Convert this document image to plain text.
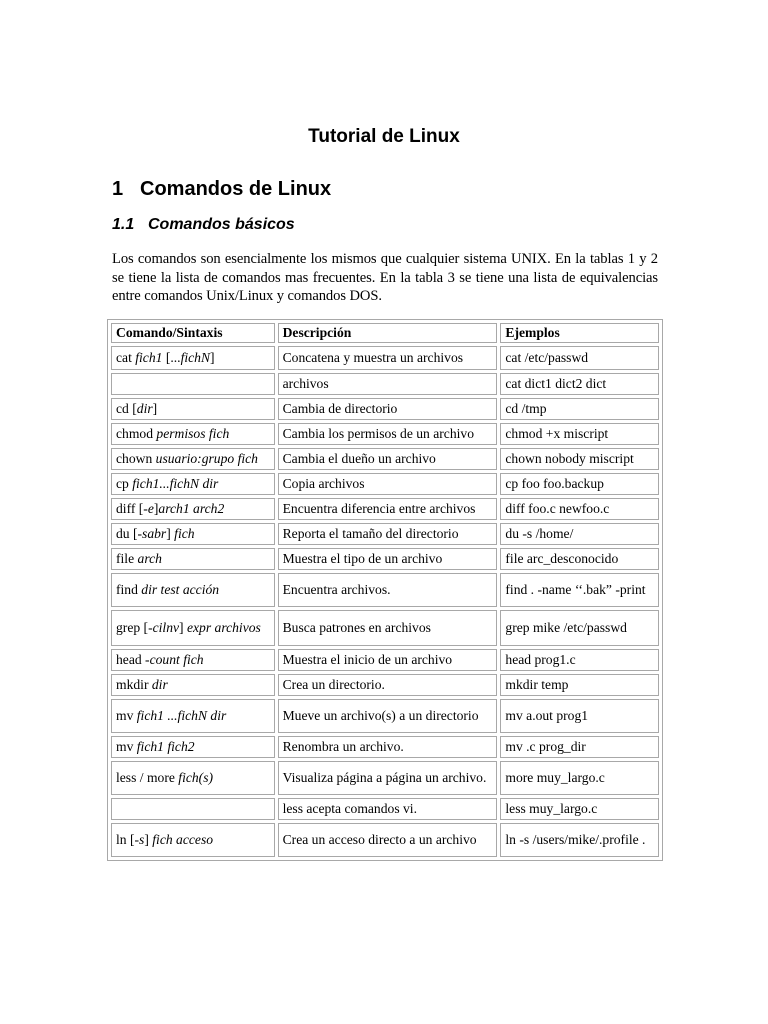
Tutorial de Linux
1 Comandos de Linux
1.1 Comandos básicos

Los comandos son esencialmente los mismos que cualquier sistema UNIX. En la tablas 1 y 2 se tiene la lista de comandos mas frecuentes. En la tabla 3 se tiene una lista de equivalencias entre comandos Unix/Linux y comandos DOS.

Comando/Sintaxis	Descripción	Ejemplos
cat fich1 [...fichN]	Concatena y muestra un archivos	cat /etc/passwd
	archivos	cat dict1 dict2 dict
cd [dir]	Cambia de directorio	cd /tmp
chmod permisos fich	Cambia los permisos de un archivo	chmod +x miscript
chown usuario:grupo fich	Cambia el dueño un archivo	chown nobody miscript
cp fich1...fichN dir	Copia archivos	cp foo foo.backup
diff [-e]arch1 arch2	Encuentra diferencia entre archivos	diff foo.c newfoo.c
du [-sabr] fich	Reporta el tamaño del directorio	du -s /home/
file arch	Muestra el tipo de un archivo	file arc_desconocido
find dir test acción	Encuentra archivos.	find . -name ‘‘.bak” -print
grep [-cilnv] expr archivos	Busca patrones en archivos	grep mike /etc/passwd
head -count fich	Muestra el inicio de un archivo	head prog1.c
mkdir dir	Crea un directorio.	mkdir temp
mv fich1 ...fichN dir	Mueve un archivo(s) a un directorio	mv a.out prog1
mv fich1 fich2	Renombra un archivo.	mv .c prog_dir
less / more fich(s)	Visualiza página a página un archivo.	more muy_largo.c
	less acepta comandos vi.	less muy_largo.c
ln [-s] fich acceso	Crea un acceso directo a un archivo	ln -s /users/mike/.profile .
